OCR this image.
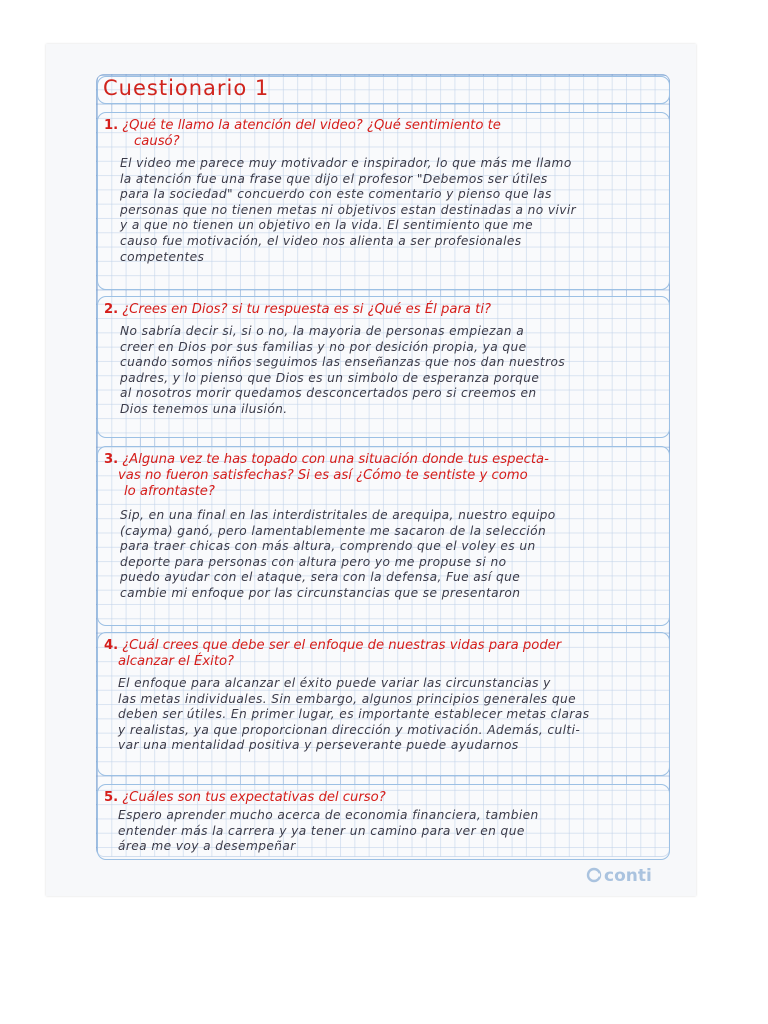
Cuestionario 1
1. ¿Qué te llamo la atención del video? ¿Qué sentimiento te
causó?
El video me parece muy motivador e inspirador, lo que más me llamo
la atención fue una frase que dijo el profesor "Debemos ser útiles
para la sociedad" concuerdo con este comentario y pienso que las
personas que no tienen metas ni objetivos estan destinadas a no vivir
y a que no tienen un objetivo en la vida. El sentimiento que me
causo fue motivación, el video nos alienta a ser profesionales
competentes
2. ¿Crees en Dios? si tu respuesta es si ¿Qué es Él para ti?
No sabría decir si, si o no, la mayoria de personas empiezan a
creer en Dios por sus familias y no por desición propia, ya que
cuando somos niños seguimos las enseñanzas que nos dan nuestros
padres, y lo pienso que Dios es un simbolo de esperanza porque
al nosotros morir quedamos desconcertados pero si creemos en
Dios tenemos una ilusión.
3. ¿Alguna vez te has topado con una situación donde tus especta-
vas no fueron satisfechas? Si es así ¿Cómo te sentiste y como
lo afrontaste?
Sip, en una final en las interdistritales de arequipa, nuestro equipo
(cayma) ganó, pero lamentablemente me sacaron de la selección
para traer chicas con más altura, comprendo que el voley es un
deporte para personas con altura pero yo me propuse si no
puedo ayudar con el ataque, sera con la defensa, Fue así que
cambie mi enfoque por las circunstancias que se presentaron
4. ¿Cuál crees que debe ser el enfoque de nuestras vidas para poder
alcanzar el Éxito?
El enfoque para alcanzar el éxito puede variar las circunstancias y
las metas individuales. Sin embargo, algunos principios generales que
deben ser útiles. En primer lugar, es importante establecer metas claras
y realistas, ya que proporcionan dirección y motivación. Además, culti-
var una mentalidad positiva y perseverante puede ayudarnos
5. ¿Cuáles son tus expectativas del curso?
Espero aprender mucho acerca de economia financiera, tambien
entender más la carrera y ya tener un camino para ver en que
área me voy a desempeñar
conti
